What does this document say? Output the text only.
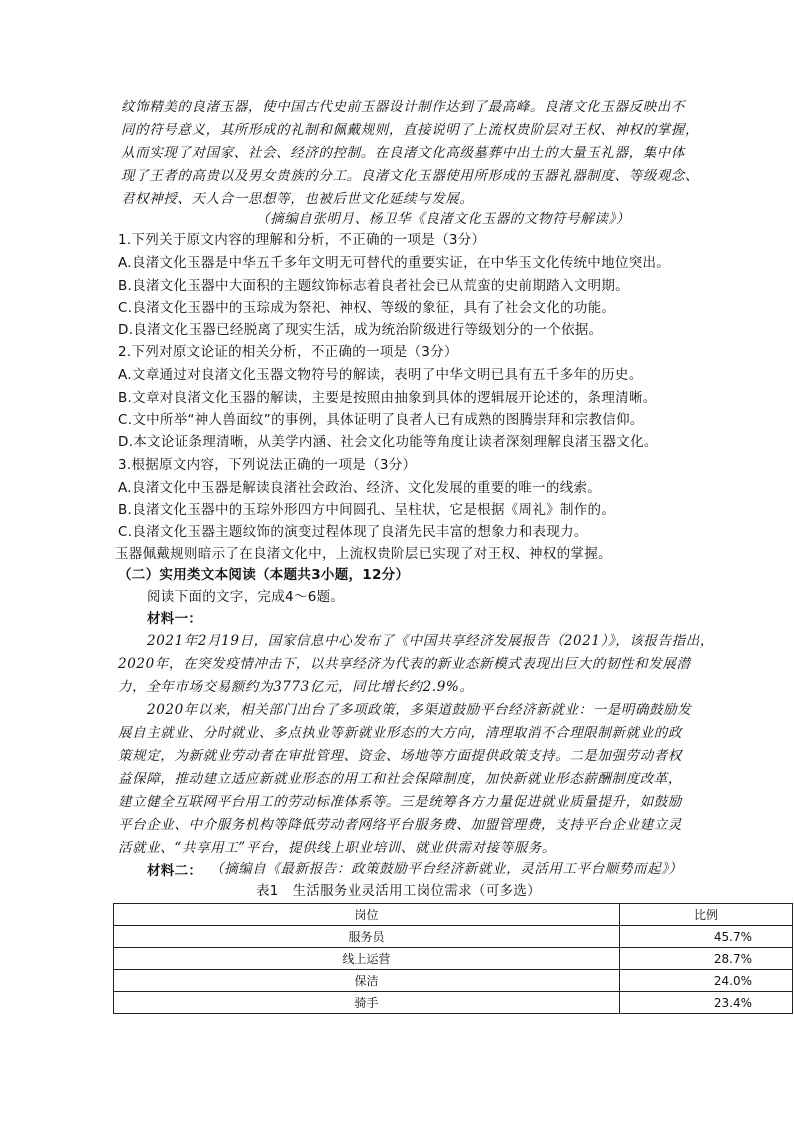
纹饰精美的良渚玉器，使中国古代史前玉器设计制作达到了最高峰。良渚文化玉器反映出不
同的符号意义，其所形成的礼制和佩戴规则，直接说明了上流权贵阶层对王权、神权的掌握，
从而实现了对国家、社会、经济的控制。在良渚文化高级墓葬中出土的大量玉礼器，集中体
现了王者的高贵以及男女贵族的分工。良渚文化玉器使用所形成的玉器礼器制度、等级观念、
君权神授、天人合一思想等，也被后世文化延续与发展。
（摘编自张明月、杨卫华《良渚文化玉器的文物符号解读》）
1.下列关于原文内容的理解和分析，不正确的一项是（3分）
A.良渚文化玉器是中华五千多年文明无可替代的重要实证，在中华玉文化传统中地位突出。
B.良渚文化玉器中大面积的主题纹饰标志着良者社会已从荒蛮的史前期踏入文明期。
C.良渚文化玉器中的玉琮成为祭祀、神权、等级的象征，具有了社会文化的功能。
D.良渚文化玉器已经脱离了现实生活，成为统治阶级进行等级划分的一个依据。
2.下列对原文论证的相关分析，不正确的一项是（3分）
A.文章通过对良渚文化玉器文物符号的解读，表明了中华文明已具有五千多年的历史。
B.文章对良渚文化玉器的解读，主要是按照由抽象到具体的逻辑展开论述的，条理清晰。
C.文中所举“神人兽面纹”的事例，具体证明了良者人已有成熟的图腾崇拜和宗教信仰。
D.本文论证条理清晰，从美学内涵、社会文化功能等角度让读者深刻理解良渚玉器文化。
3.根据原文内容，下列说法正确的一项是（3分）
A.良渚文化中玉器是解读良渚社会政治、经济、文化发展的重要的唯一的线索。
B.良渚文化玉器中的玉琮外形四方中间圆孔、呈柱状，它是根据《周礼》制作的。
C.良渚文化玉器主题纹饰的演变过程体现了良渚先民丰富的想象力和表现力。
玉器佩戴规则暗示了在良渚文化中，上流权贵阶层已实现了对王权、神权的掌握。
（二）实用类文本阅读（本题共3小题，12分）
阅读下面的文字，完成4～6题。
材料一：
2021年2月19日，国家信息中心发布了《中国共享经济发展报告（2021）》，该报告指出，
2020年，在突发疫情冲击下，以共享经济为代表的新业态新模式表现出巨大的韧性和发展潜
力，全年市场交易额约为3773亿元，同比增长约2.9%。
2020年以来，相关部门出台了多项政策，多渠道鼓励平台经济新就业：一是明确鼓励发
展自主就业、分时就业、多点执业等新就业形态的大方向，清理取消不合理限制新就业的政
策规定，为新就业劳动者在审批管理、资金、场地等方面提供政策支持。二是加强劳动者权
益保障，推动建立适应新就业形态的用工和社会保障制度，加快新就业形态薪酬制度改革，
建立健全互联网平台用工的劳动标准体系等。三是统筹各方力量促进就业质量提升，如鼓励
平台企业、中介服务机构等降低劳动者网络平台服务费、加盟管理费，支持平台企业建立灵
活就业、“共享用工”平台，提供线上职业培训、就业供需对接等服务。
（摘编自《最新报告：政策鼓励平台经济新就业，灵活用工平台顺势而起》）
材料二：
表1　生活服务业灵活用工岗位需求（可多选）
岗位	比例
服务员	45.7%
线上运营	28.7%
保洁	24.0%
骑手	23.4%
